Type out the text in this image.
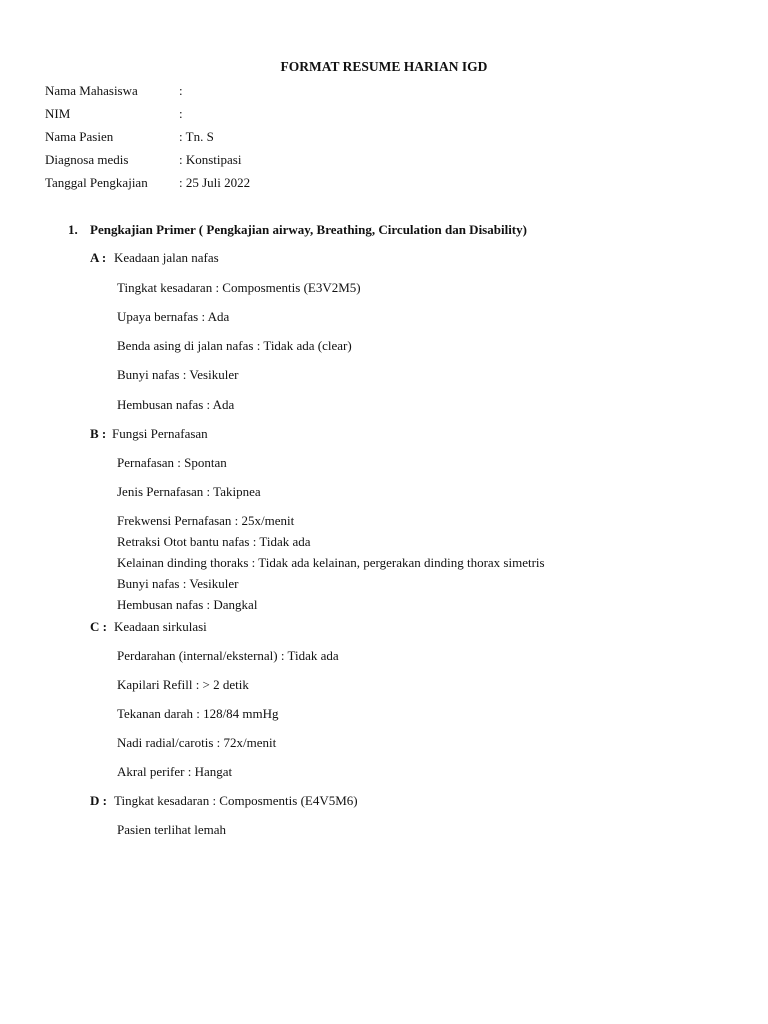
FORMAT RESUME HARIAN IGD
Nama Mahasiswa	:
NIM	:
Nama Pasien	: Tn. S
Diagnosa medis	: Konstipasi
Tanggal Pengkajian : 25 Juli 2022
1. Pengkajian Primer ( Pengkajian airway, Breathing, Circulation dan Disability)
A : Keadaan jalan nafas
Tingkat kesadaran : Composmentis (E3V2M5)
Upaya bernafas : Ada
Benda asing di jalan nafas : Tidak ada (clear)
Bunyi nafas : Vesikuler
Hembusan nafas : Ada
B : Fungsi Pernafasan
Pernafasan : Spontan
Jenis Pernafasan : Takipnea
Frekwensi Pernafasan : 25x/menit
Retraksi Otot bantu nafas : Tidak ada
Kelainan dinding thoraks : Tidak ada kelainan, pergerakan dinding thorax simetris
Bunyi nafas : Vesikuler
Hembusan nafas : Dangkal
C : Keadaan sirkulasi
Perdarahan (internal/eksternal) : Tidak ada
Kapilari Refill : > 2 detik
Tekanan darah : 128/84 mmHg
Nadi radial/carotis : 72x/menit
Akral perifer : Hangat
D : Tingkat kesadaran : Composmentis (E4V5M6)
Pasien terlihat lemah
